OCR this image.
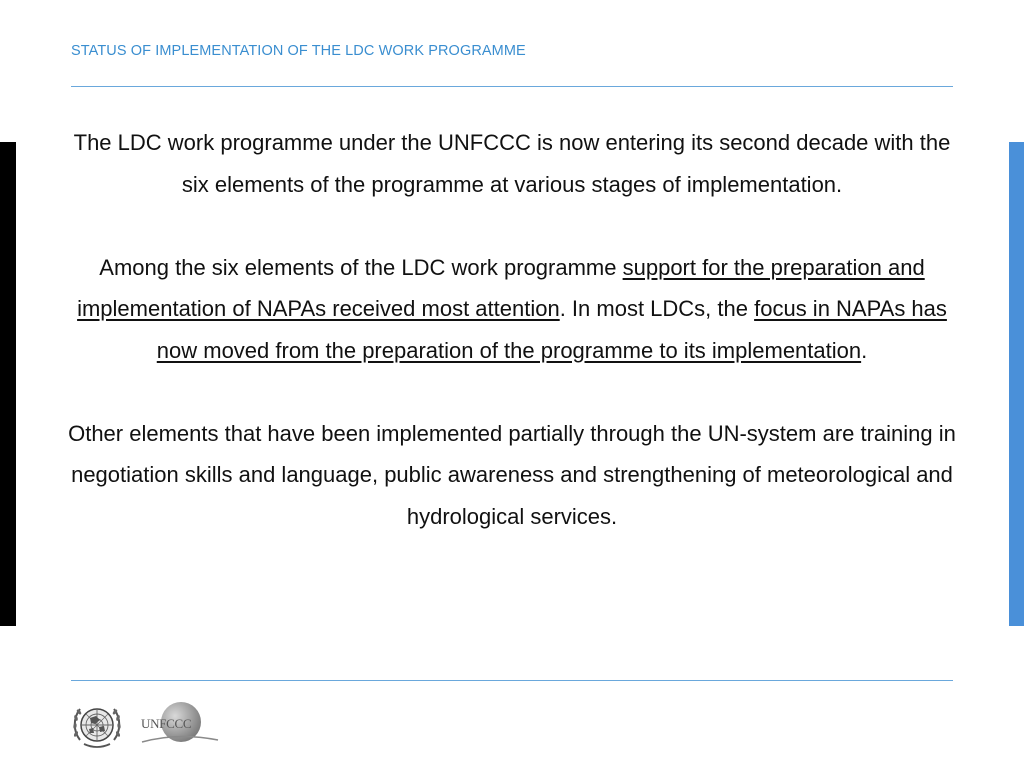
STATUS OF IMPLEMENTATION OF THE LDC WORK PROGRAMME

The LDC work programme under the UNFCCC is now entering its second decade with the six elements of the programme at various stages of implementation.

Among the six elements of the LDC work programme support for the preparation and implementation of NAPAs received most attention. In most LDCs, the focus in NAPAs has now moved from the preparation of the programme to its implementation.

Other elements that have been implemented partially through the UN-system are training in negotiation skills and language, public awareness and strengthening of meteorological and hydrological services.

UNFCCC
